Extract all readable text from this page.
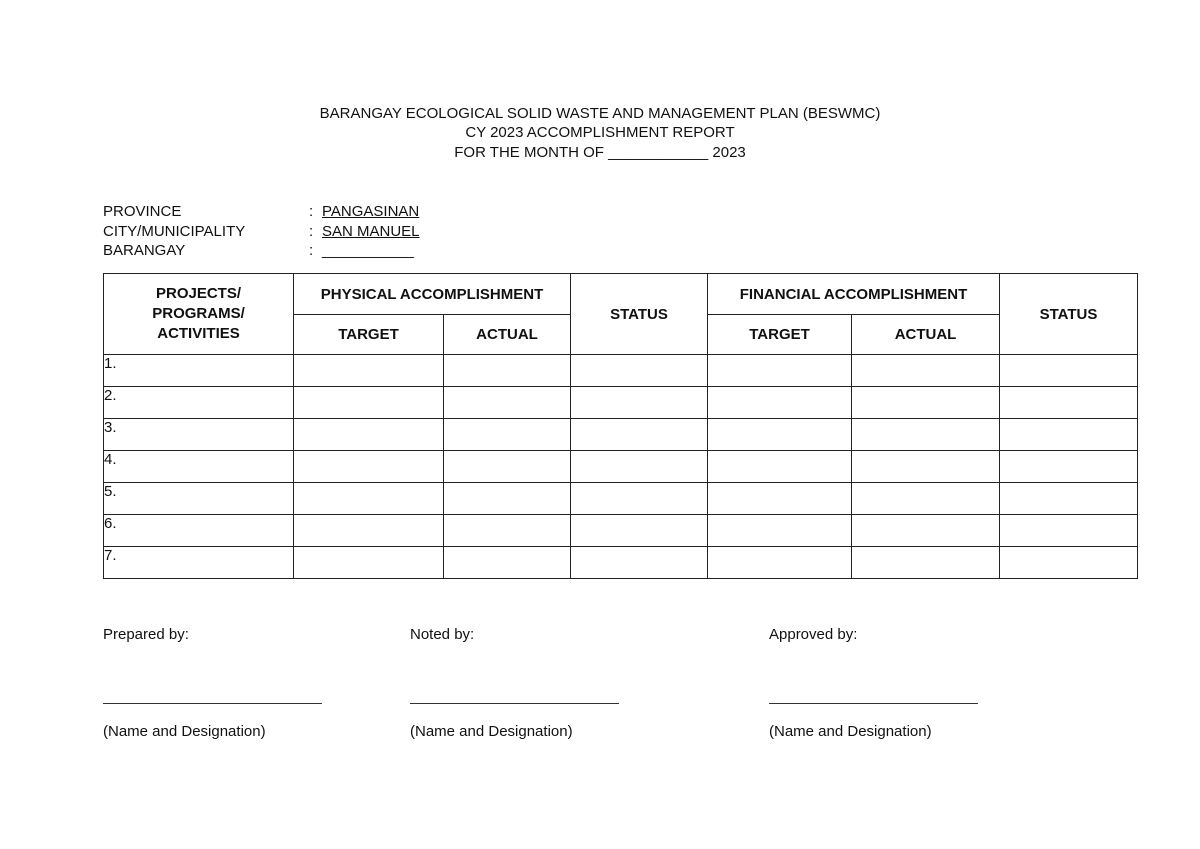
BARANGAY ECOLOGICAL SOLID WASTE AND MANAGEMENT PLAN (BESWMC)
CY 2023 ACCOMPLISHMENT REPORT
FOR THE MONTH OF ____________ 2023
PROVINCE	: PANGASINAN
CITY/MUNICIPALITY	: SAN MANUEL
BARANGAY	: ___________
PROJECTS/ PROGRAMS/ ACTIVITIES	PHYSICAL ACCOMPLISHMENT		STATUS	FINANCIAL ACCOMPLISHMENT		STATUS
	TARGET	ACTUAL		TARGET	ACTUAL	
1.						
2.						
3.						
4.						
5.						
6.						
7.						
Prepared by:	Noted by:	Approved by:
(Name and Designation)	(Name and Designation)	(Name and Designation)
